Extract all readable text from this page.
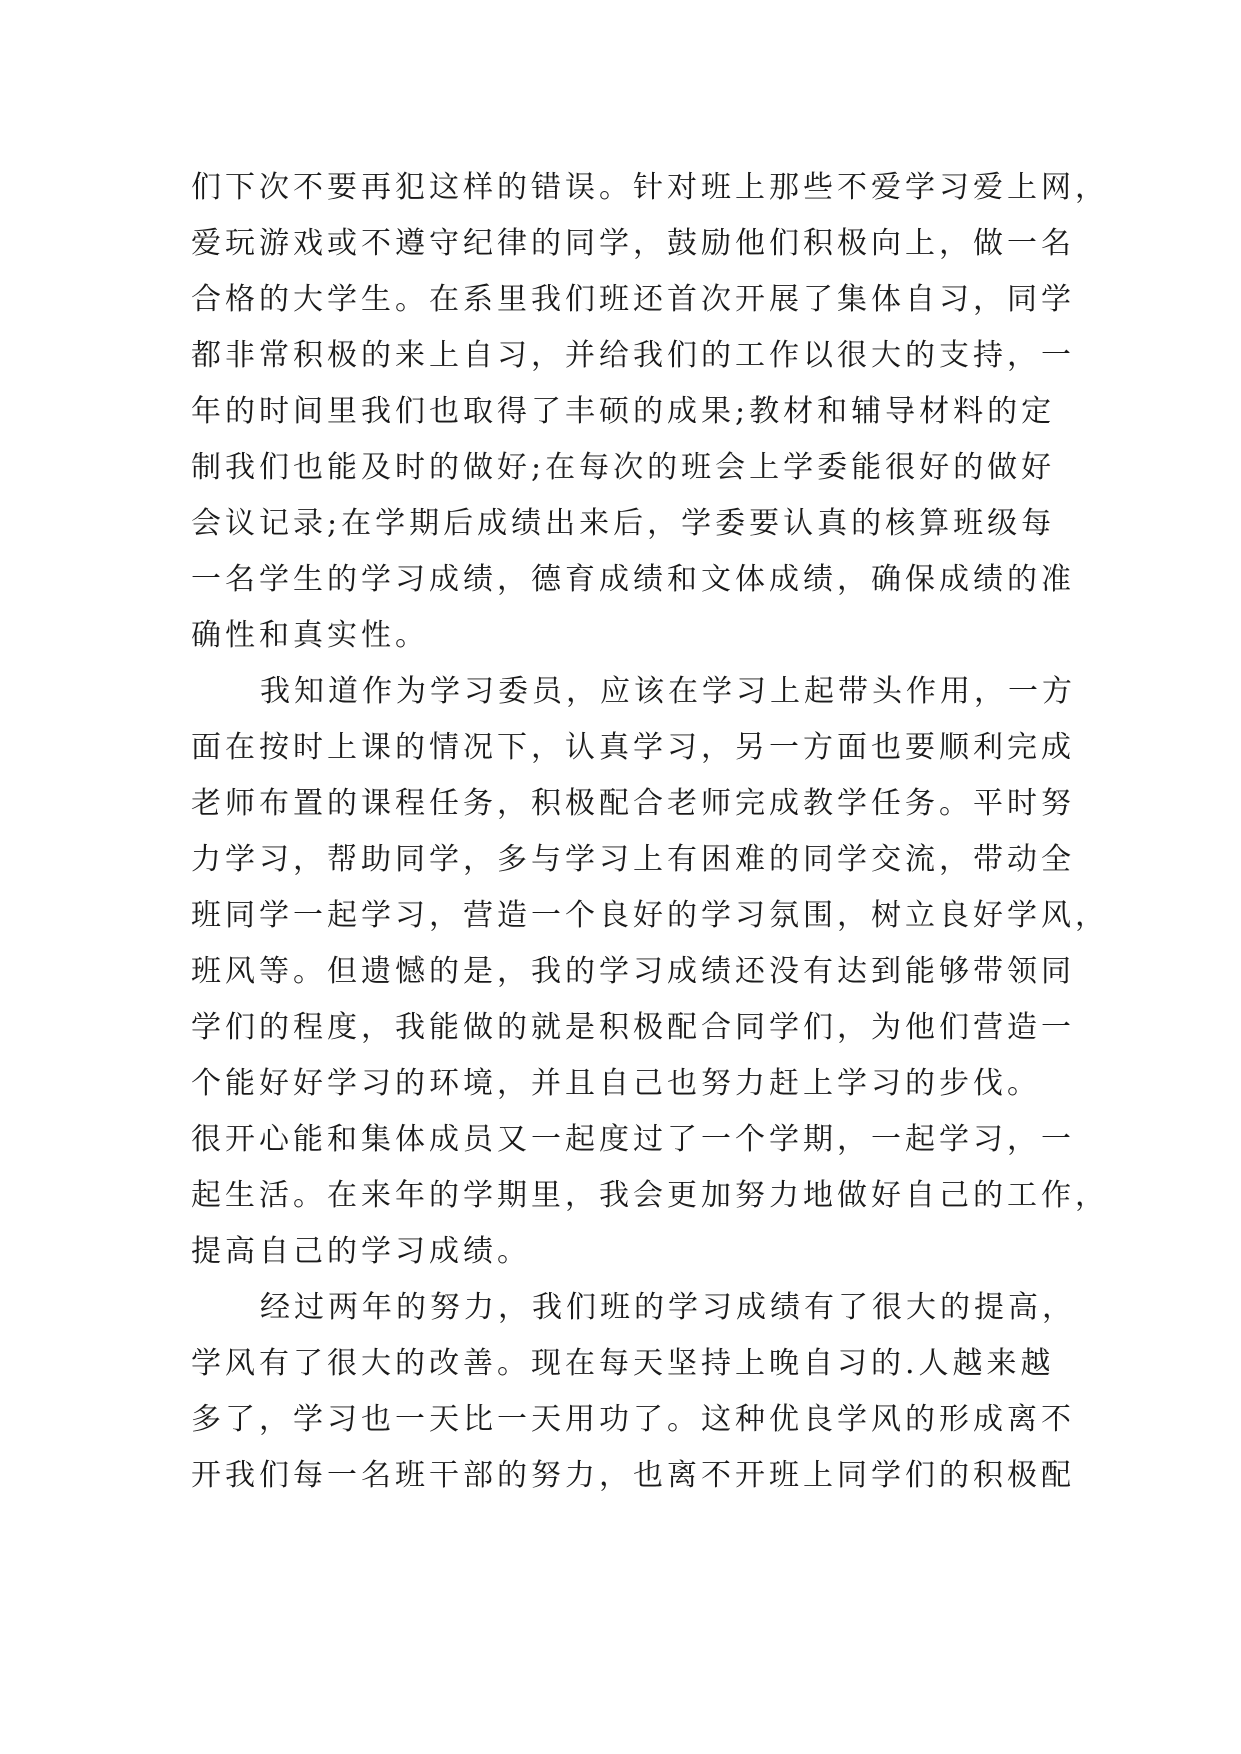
们下次不要再犯这样的错误。针对班上那些不爱学习爱上网，
爱玩游戏或不遵守纪律的同学，鼓励他们积极向上，做一名
合格的大学生。在系里我们班还首次开展了集体自习，同学
都非常积极的来上自习，并给我们的工作以很大的支持，一
年的时间里我们也取得了丰硕的成果;教材和辅导材料的定
制我们也能及时的做好;在每次的班会上学委能很好的做好
会议记录;在学期后成绩出来后，学委要认真的核算班级每
一名学生的学习成绩，德育成绩和文体成绩，确保成绩的准
确性和真实性。
我知道作为学习委员，应该在学习上起带头作用，一方
面在按时上课的情况下，认真学习，另一方面也要顺利完成
老师布置的课程任务，积极配合老师完成教学任务。平时努
力学习，帮助同学，多与学习上有困难的同学交流，带动全
班同学一起学习，营造一个良好的学习氛围，树立良好学风，
班风等。但遗憾的是，我的学习成绩还没有达到能够带领同
学们的程度，我能做的就是积极配合同学们，为他们营造一
个能好好学习的环境，并且自己也努力赶上学习的步伐。
很开心能和集体成员又一起度过了一个学期，一起学习，一
起生活。在来年的学期里，我会更加努力地做好自己的工作，
提高自己的学习成绩。
经过两年的努力，我们班的学习成绩有了很大的提高，
学风有了很大的改善。现在每天坚持上晚自习的.人越来越
多了，学习也一天比一天用功了。这种优良学风的形成离不
开我们每一名班干部的努力，也离不开班上同学们的积极配
